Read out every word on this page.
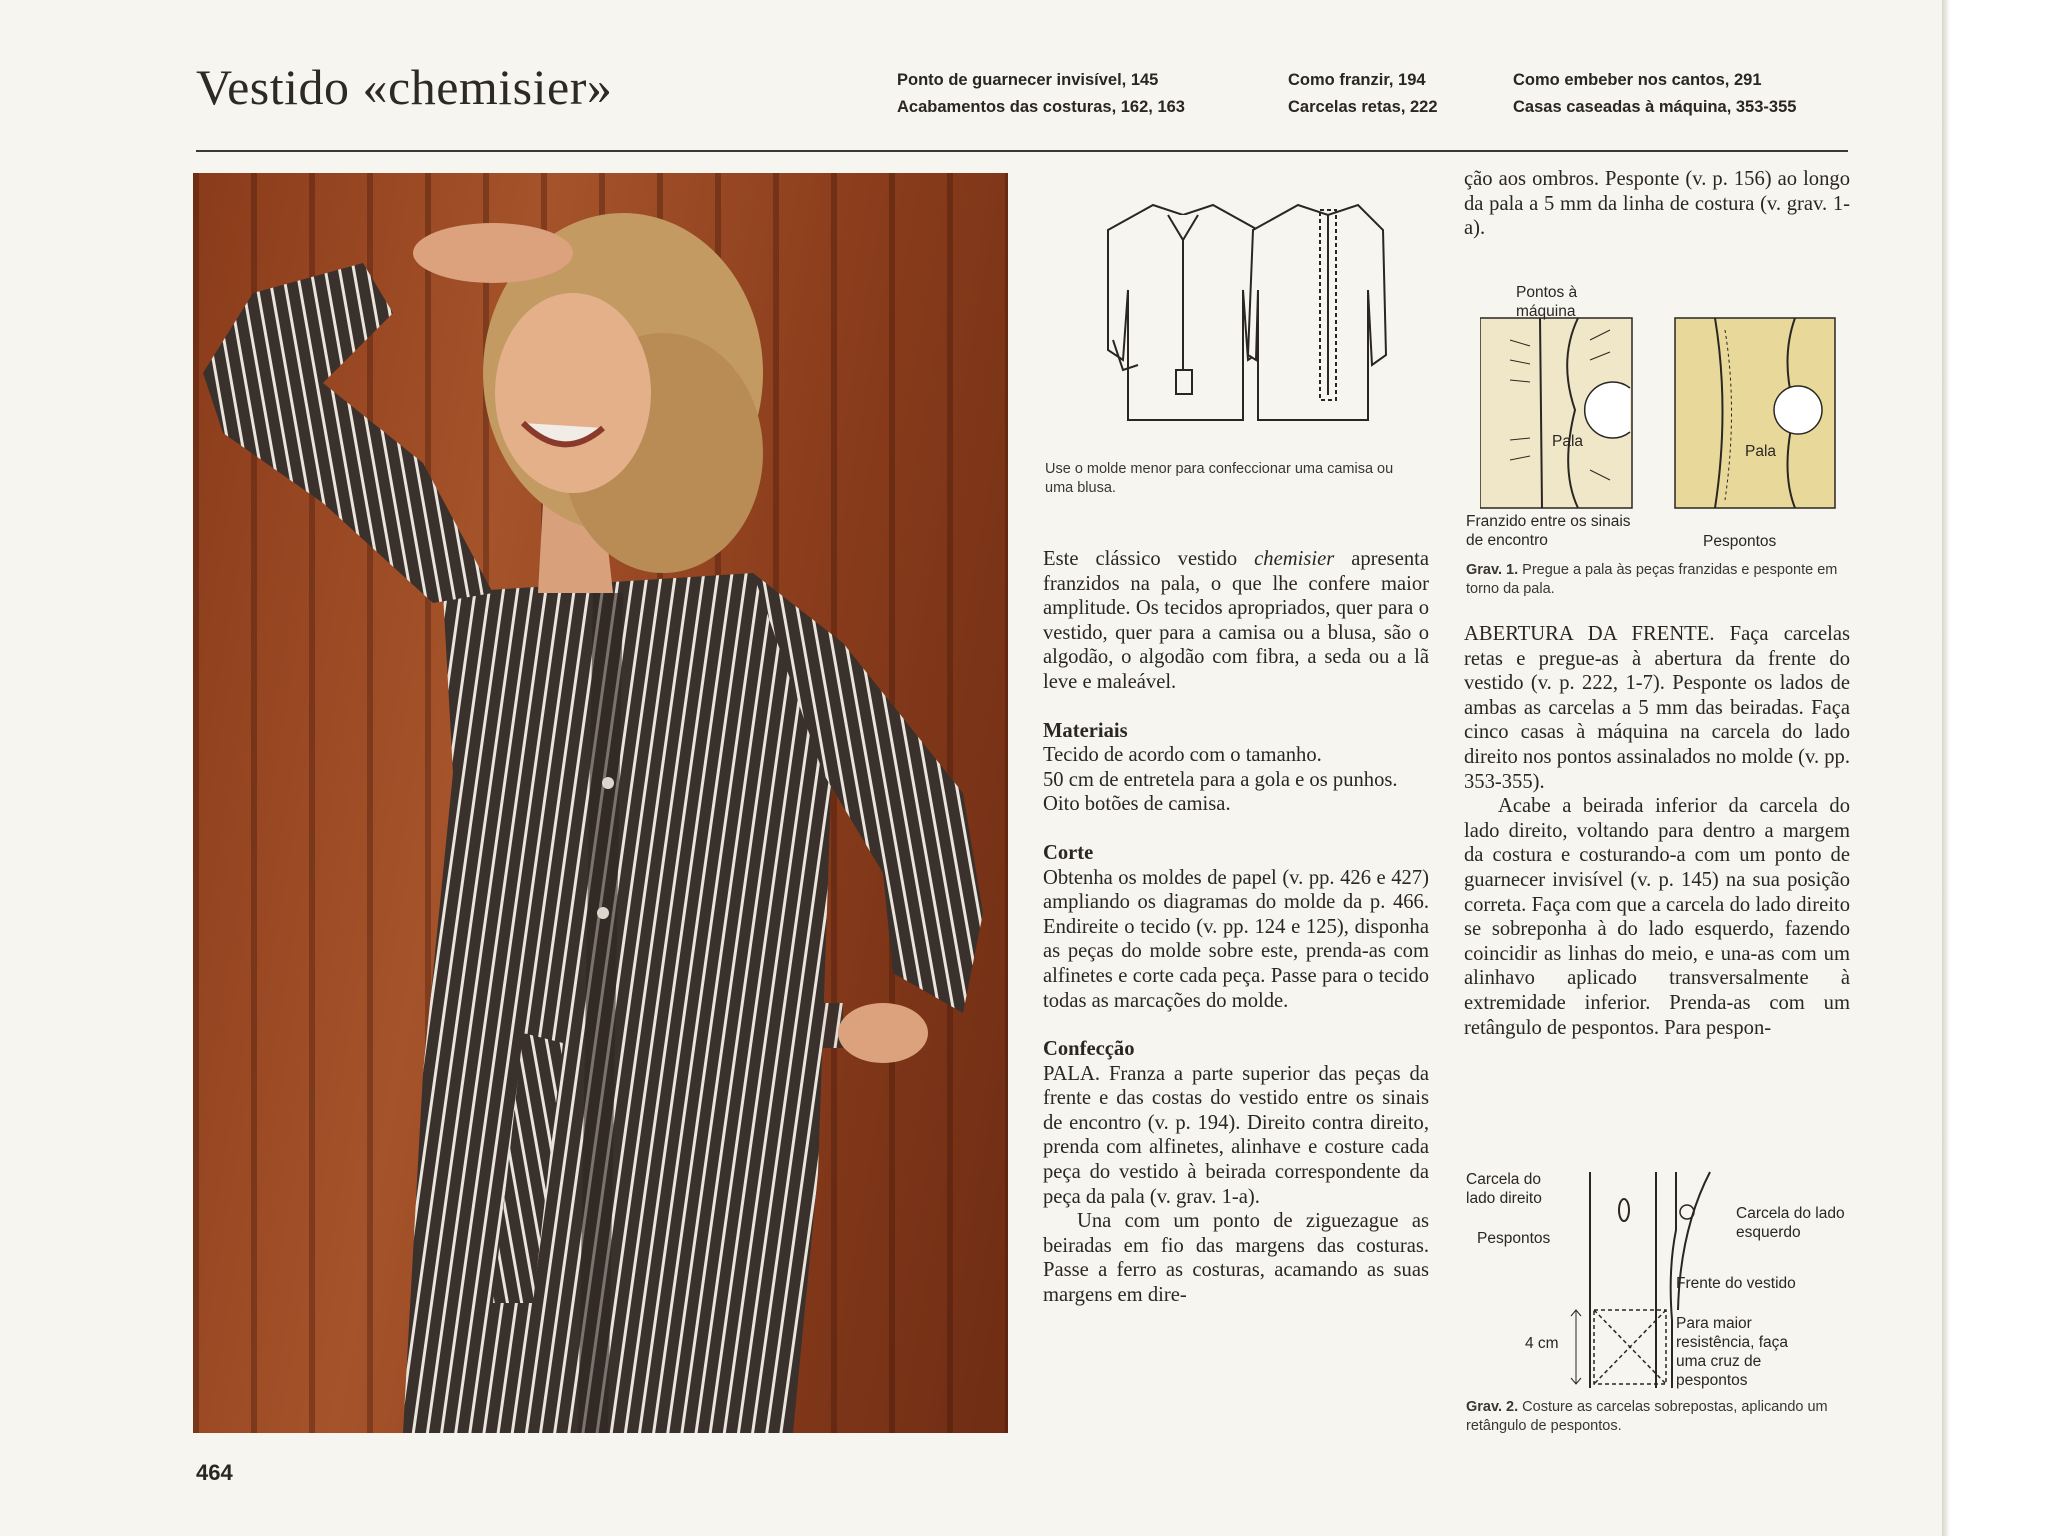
Vestido «chemisier»	Ponto de guarnecer invisível, 145
Acabamentos das costuras, 162, 163
Como franzir, 194
Carcelas retas, 222
Como embeber nos cantos, 291
Casas caseadas à máquina, 353-355
Use o molde menor para confeccionar uma camisa ou uma blusa.

Este clássico vestido chemisier apresenta franzidos na pala, o que lhe confere maior amplitude. Os tecidos apropriados, quer para o vestido, quer para a camisa ou a blusa, são o algodão, o algodão com fibra, a seda ou a lã leve e maleável.

Materiais

Tecido de acordo com o tamanho.

50 cm de entretela para a gola e os punhos.

Oito botões de camisa.

Corte

Obtenha os moldes de papel (v. pp. 426 e 427) ampliando os diagramas do molde da p. 466. Endireite o tecido (v. pp. 124 e 125), disponha as peças do molde sobre este, prenda-as com alfinetes e corte cada peça. Passe para o tecido todas as marcações do molde.

Confecção

PALA. Franza a parte superior das peças da frente e das costas do vestido entre os sinais de encontro (v. p. 194). Direito contra direito, prenda com alfinetes, alinhave e costure cada peça do vestido à beirada correspondente da peça da pala (v. grav. 1-a).

Una com um ponto de ziguezague as beiradas em fio das margens das costuras. Passe a ferro as costuras, acamando as suas margens em dire-

ção aos ombros. Pesponte (v. p. 156) ao longo da pala a 5 mm da linha de costura (v. grav. 1-a).
Pontos à máquina
Pala
Pala
Franzido entre os sinais de encontro	Pespontos
Grav. 1. Pregue a pala às peças franzidas e pesponte em torno da pala.

ABERTURA DA FRENTE. Faça carcelas retas e pregue-as à abertura da frente do vestido (v. p. 222, 1-7). Pesponte os lados de ambas as carcelas a 5 mm das beiradas. Faça cinco casas à máquina na carcela do lado direito nos pontos assinalados no molde (v. pp. 353-355).

Acabe a beirada inferior da carcela do lado direito, voltando para dentro a margem da costura e costurando-a com um ponto de guarnecer invisível (v. p. 145) na sua posição correta. Faça com que a carcela do lado direito se sobreponha à do lado esquerdo, fazendo coincidir as linhas do meio, e una-as com um alinhavo aplicado transversalmente à extremidade inferior. Prenda-as com um retângulo de pespontos. Para pespon-

Carcela do lado direito
Pespontos
Carcela do lado esquerdo
Frente do vestido
4 cm
Para maior resistência, faça uma cruz de pespontos
Grav. 2. Costure as carcelas sobrepostas, aplicando um retângulo de pespontos.
464
